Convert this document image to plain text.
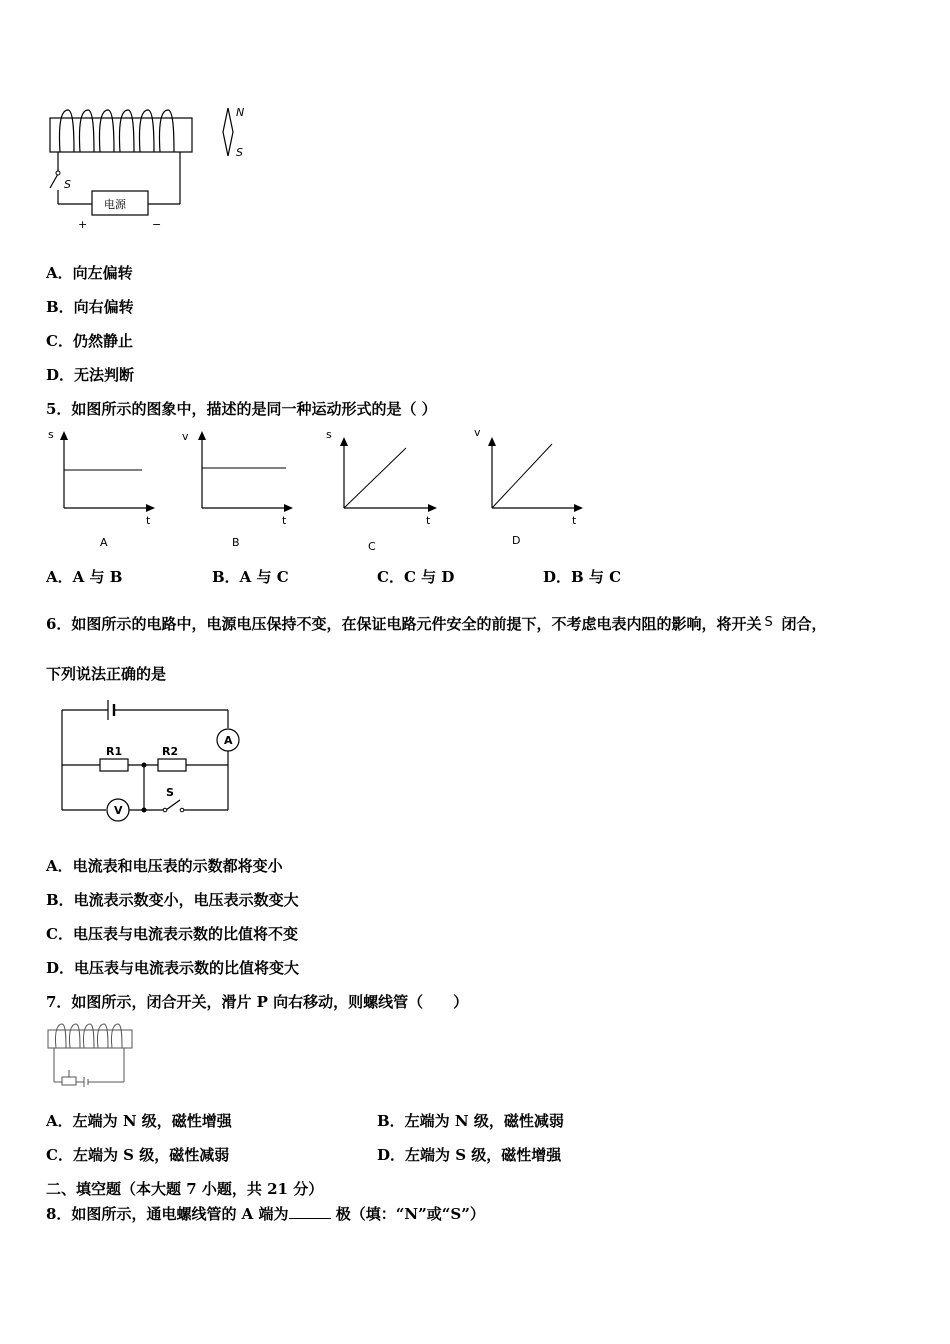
N
S
S
电源
+	−
A．向左偏转
B．向右偏转
C．仍然静止
D．无法判断
5．如图所示的图象中，描述的是同一种运动形式的是（ ）
s
t
A
v
t
B
s
t
C
v
t
D
A．A 与 B	B．A 与 C	C．C 与 D	D．B 与 C
6．如图所示的电路中，电源电压保持不变，在保证电路元件安全的前提下，不考虑电表内阻的影响，将开关 S 闭合，
下列说法正确的是
R1	R2
A
V
S
A．电流表和电压表的示数都将变小
B．电流表示数变小，电压表示数变大
C．电压表与电流表示数的比值将不变
D．电压表与电流表示数的比值将变大
7．如图所示，闭合开关，滑片 P 向右移动，则螺线管（　　）
A．左端为 N 级，磁性增强	B．左端为 N 级，磁性减弱
C．左端为 S 级，磁性减弱	D．左端为 S 级，磁性增强
二、填空题（本大题 7 小题，共 21 分）
8．如图所示，通电螺线管的 A 端为	极（填：“N”或“S”）
